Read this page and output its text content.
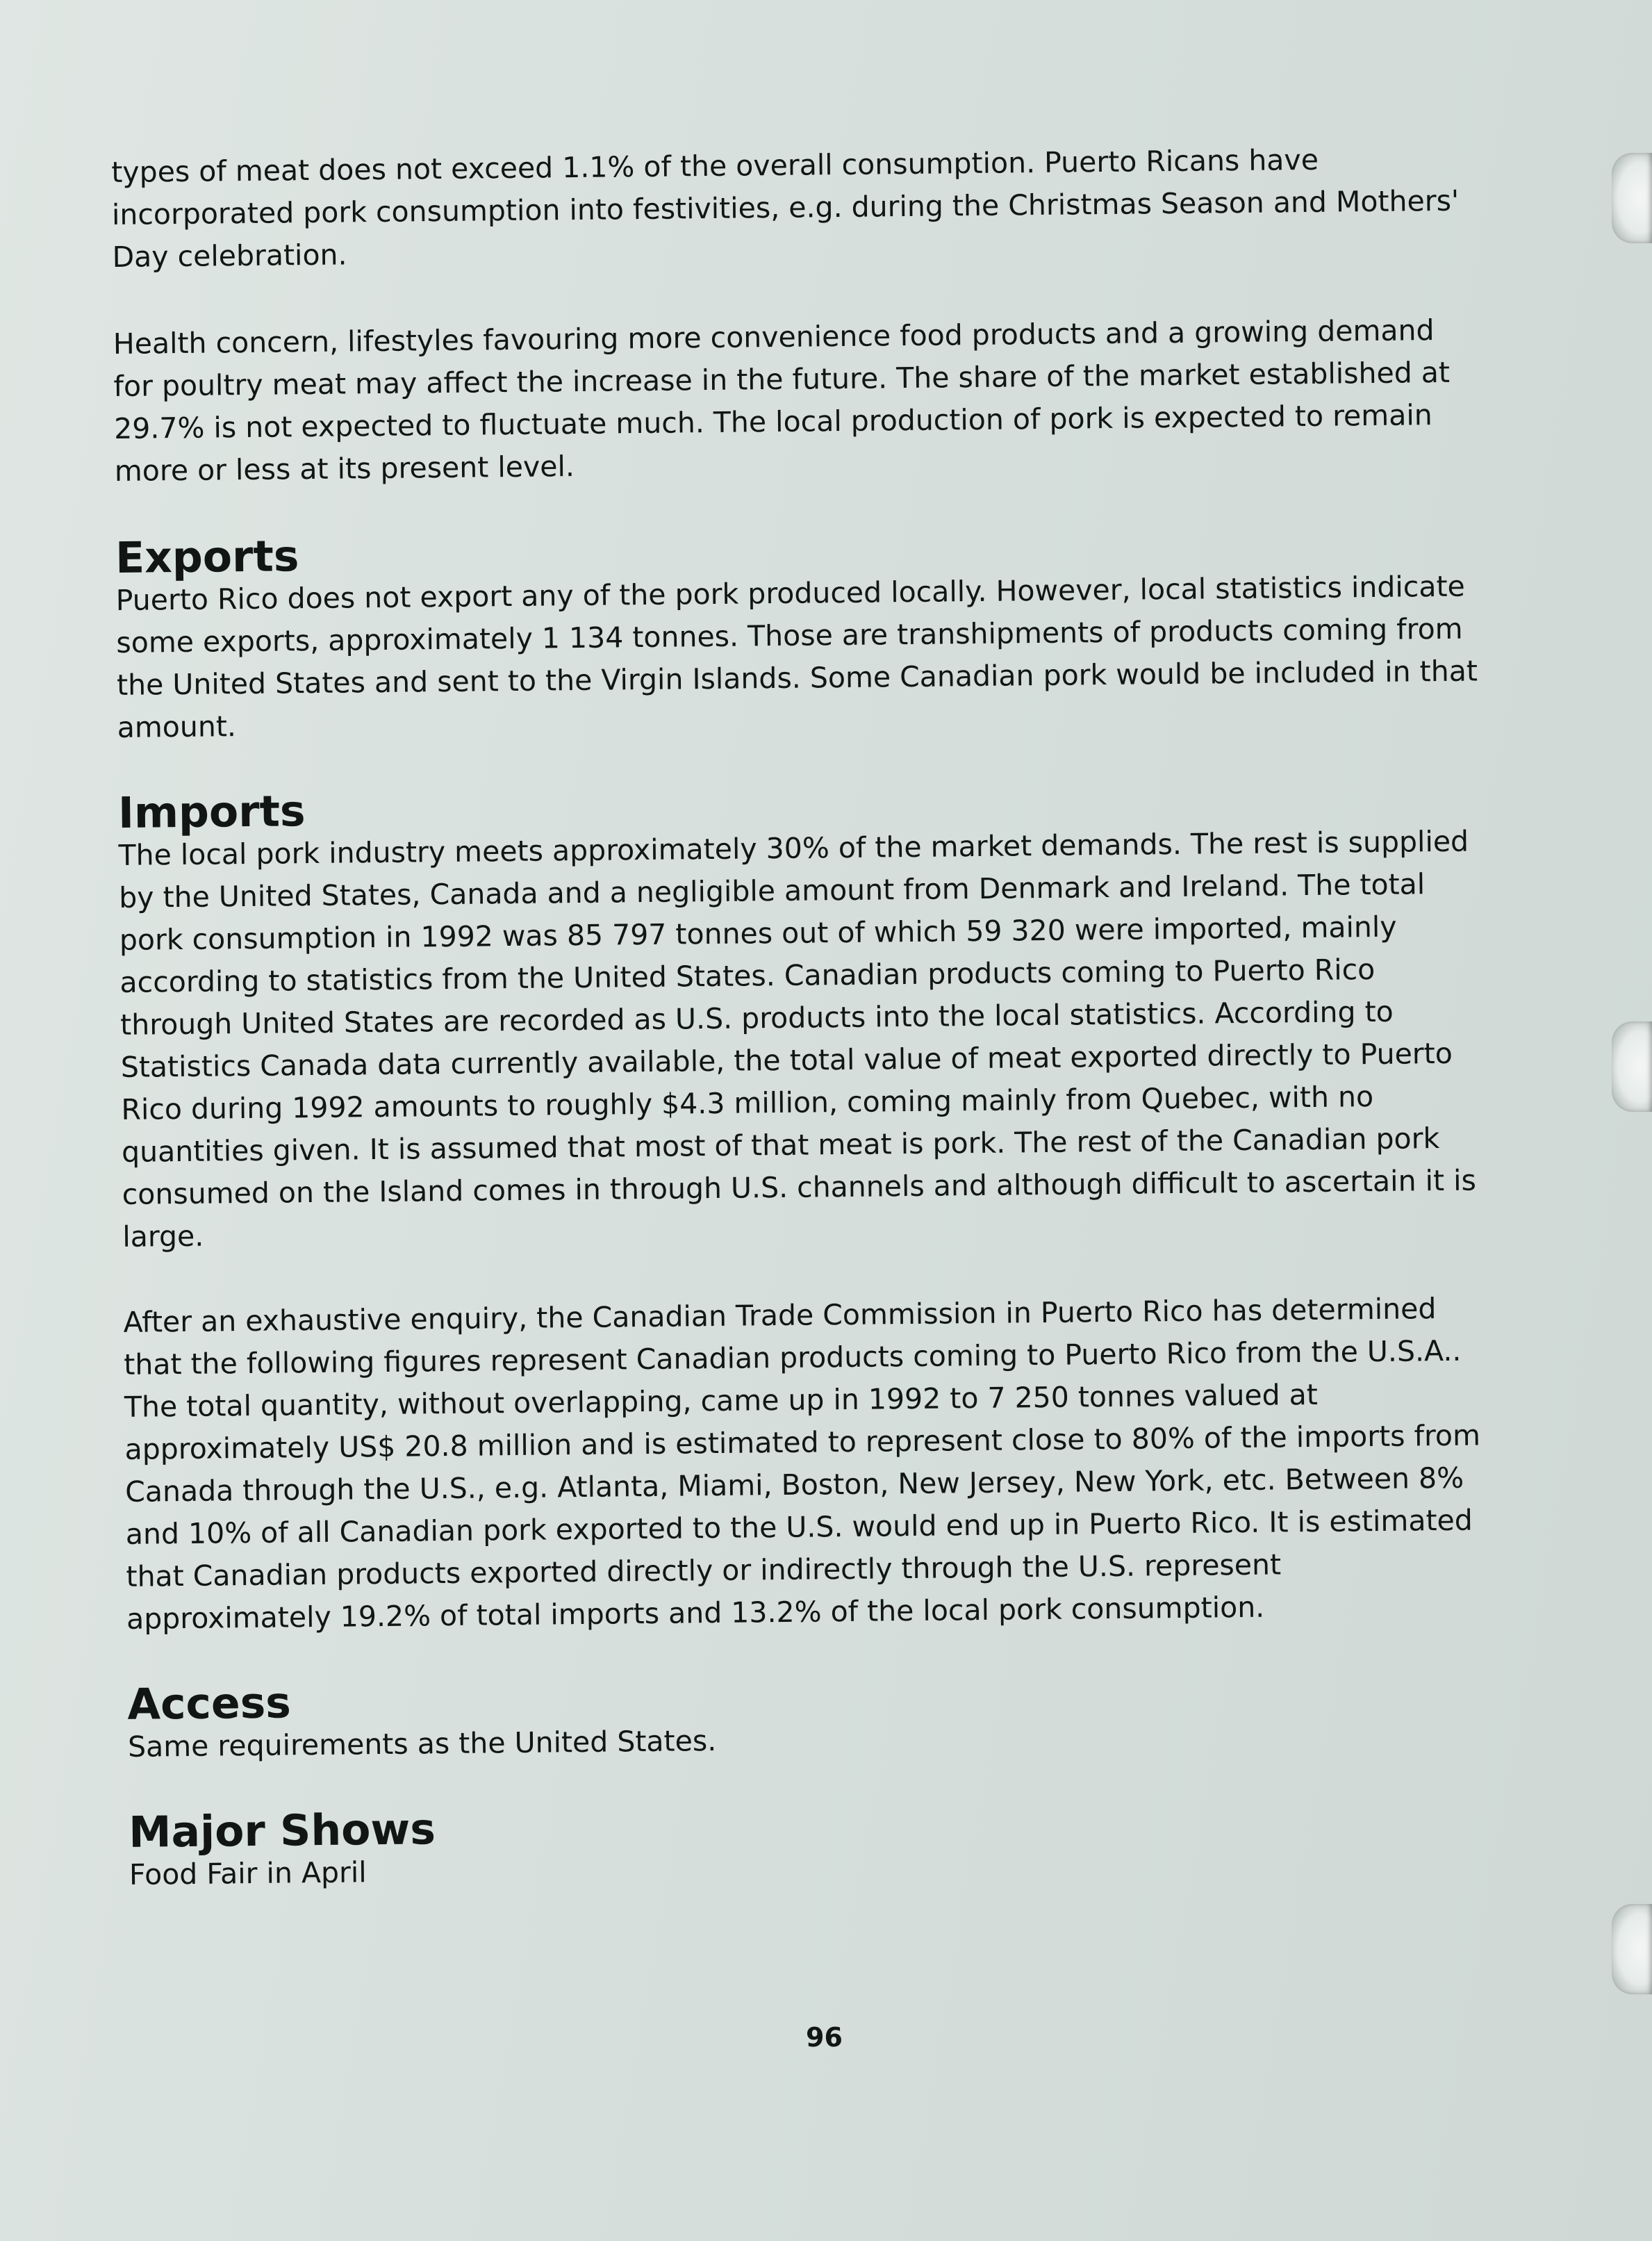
types of meat does not exceed 1.1% of the overall consumption. Puerto Ricans have incorporated pork consumption into festivities, e.g. during the Christmas Season and Mothers' Day celebration.

Health concern, lifestyles favouring more convenience food products and a growing demand for poultry meat may affect the increase in the future. The share of the market established at 29.7% is not expected to fluctuate much. The local production of pork is expected to remain more or less at its present level.

Exports

Puerto Rico does not export any of the pork produced locally. However, local statistics indicate some exports, approximately 1 134 tonnes. Those are transhipments of products coming from the United States and sent to the Virgin Islands. Some Canadian pork would be included in that amount.

Imports

The local pork industry meets approximately 30% of the market demands. The rest is supplied by the United States, Canada and a negligible amount from Denmark and Ireland. The total pork consumption in 1992 was 85 797 tonnes out of which 59 320 were imported, mainly according to statistics from the United States. Canadian products coming to Puerto Rico through United States are recorded as U.S. products into the local statistics. According to Statistics Canada data currently available, the total value of meat exported directly to Puerto Rico during 1992 amounts to roughly $4.3 million, coming mainly from Quebec, with no quantities given. It is assumed that most of that meat is pork. The rest of the Canadian pork consumed on the Island comes in through U.S. channels and although difficult to ascertain it is large.

After an exhaustive enquiry, the Canadian Trade Commission in Puerto Rico has determined that the following figures represent Canadian products coming to Puerto Rico from the U.S.A.. The total quantity, without overlapping, came up in 1992 to 7 250 tonnes valued at approximately US$ 20.8 million and is estimated to represent close to 80% of the imports from Canada through the U.S., e.g. Atlanta, Miami, Boston, New Jersey, New York, etc. Between 8% and 10% of all Canadian pork exported to the U.S. would end up in Puerto Rico. It is estimated that Canadian products exported directly or indirectly through the U.S. represent approximately 19.2% of total imports and 13.2% of the local pork consumption.

Access

Same requirements as the United States.

Major Shows

Food Fair in April

96
